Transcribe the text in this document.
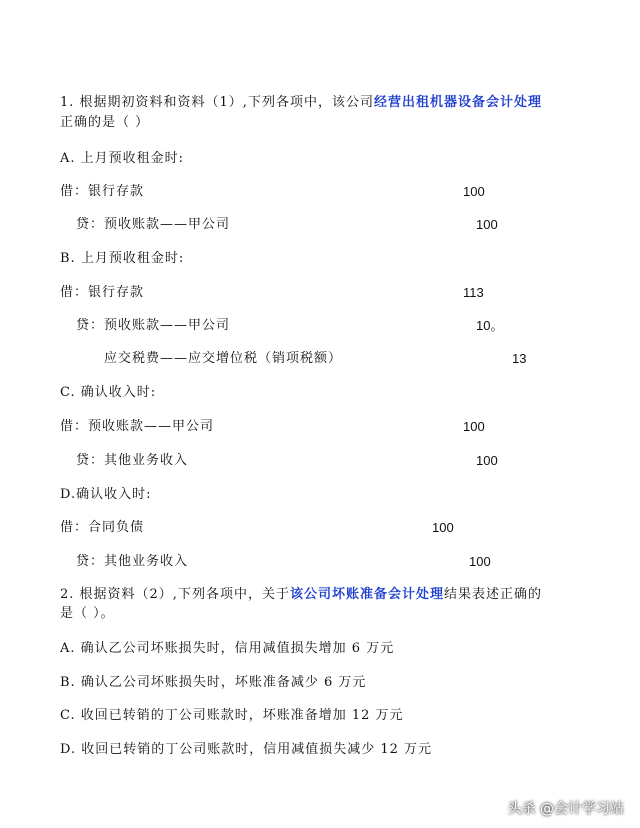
1. 根据期初资料和资料（1）,下列各项中，该公司经营出租机器设备会计处理
正确的是（ ）
A. 上月预收租金时:
借：银行存款	100
贷：预收账款——甲公司	100
B. 上月预收租金时:
借：银行存款	113
贷：预收账款——甲公司	10。
应交税费——应交增位税（销项税额）	13
C. 确认收入时:
借：预收账款——甲公司	100
贷：其他业务收入	100
D.确认收入时:
借：合同负债	100
贷：其他业务收入	100
2. 根据资料（2）,下列各项中，关于该公司坏账准备会计处理结果表述正确的
是（ ）。
A. 确认乙公司坏账损失时，信用减值损失增加 6 万元
B. 确认乙公司坏账损失时，坏账准备减少 6 万元
C. 收回已转销的丁公司账款时，坏账准备增加 12 万元
D. 收回已转销的丁公司账款时，信用减值损失减少 12 万元
头杀 @会计学习站
